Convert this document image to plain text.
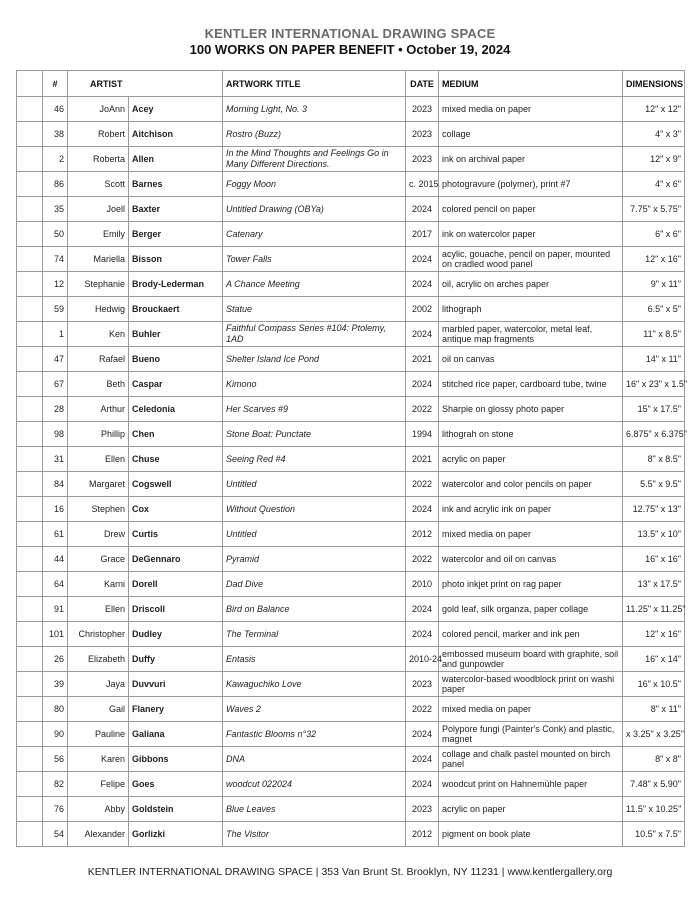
KENTLER INTERNATIONAL DRAWING SPACE
100 WORKS ON PAPER BENEFIT • October 19, 2024
	#	ARTIST		ARTWORK TITLE	DATE	MEDIUM	DIMENSIONS
	46	JoAnn	Acey	Morning Light, No. 3	2023	mixed media on paper	12" x 12"
	38	Robert	Aitchison	Rostro (Buzz)	2023	collage	4" x 3"
	2	Roberta	Allen	In the Mind Thoughts and Feelings Go in Many Different Directions.	2023	ink on archival paper	12" x 9"
	86	Scott	Barnes	Foggy Moon	c. 2015	photogravure (polymer), print #7	4" x 6"
	35	Joell	Baxter	Untitled Drawing (OBYa)	2024	colored pencil on paper	7.75" x 5.75"
	50	Emily	Berger	Catenary	2017	ink on watercolor paper	6" x 6"
	74	Mariella	Bisson	Tower Falls	2024	acylic, gouache, pencil on paper, mounted on cradled wood panel	12" x 16"
	12	Stephanie	Brody-Lederman	A Chance Meeting	2024	oil, acrylic on arches paper	9" x 11"
	59	Hedwig	Brouckaert	Statue	2002	lithograph	6.5" x 5"
	1	Ken	Buhler	Faithful Compass Series #104: Ptolemy, 1AD	2024	marbled paper, watercolor, metal leaf, antique map fragments	11" x 8.5"
	47	Rafael	Bueno	Shelter Island Ice Pond	2021	oil on canvas	14" x 11"
	67	Beth	Caspar	Kimono	2024	stitched rice paper, cardboard tube, twine	16" x 23" x 1.5"
	28	Arthur	Celedonia	Her Scarves #9	2022	Sharpie on glossy photo paper	15" x 17.5"
	98	Phillip	Chen	Stone Boat: Punctate	1994	lithograh on stone	6.875" x 6.375"
	31	Ellen	Chuse	Seeing Red #4	2021	acrylic on paper	8" x 8.5"
	84	Margaret	Cogswell	Untitled	2022	watercolor and color pencils on paper	5.5" x 9.5"
	16	Stephen	Cox	Without Question	2024	ink and acrylic ink on paper	12.75" x 13"
	61	Drew	Curtis	Untitled	2012	mixed media on paper	13.5" x 10"
	44	Grace	DeGennaro	Pyramid	2022	watercolor and oil on canvas	16" x 16"
	64	Karni	Dorell	Dad Dive	2010	photo inkjet print on rag paper	13" x 17.5"
	91	Ellen	Driscoll	Bird on Balance	2024	gold leaf, silk organza, paper collage	11.25" x 11.25"
	101	Christopher	Dudley	The Terminal	2024	colored pencil, marker and ink pen	12" x 16"
	26	Elizabeth	Duffy	Entasis	2010-24	embossed museum board with graphite, soil and gunpowder	16" x 14"
	39	Jaya	Duvvuri	Kawaguchiko Love	2023	watercolor-based woodblock print on washi paper	16" x 10.5"
	80	Gail	Flanery	Waves 2	2022	mixed media on paper	8" x 11"
	90	Pauline	Galiana	Fantastic Blooms n°32	2024	Polypore fungi (Painter's Conk) and plastic, magnet	x 3.25" x 3.25"
	56	Karen	Gibbons	DNA	2024	collage and chalk pastel mounted on birch panel	8" x 8"
	82	Felipe	Goes	woodcut 022024	2024	woodcut print on Hahnemühle paper	7.48" x 5.90"
	76	Abby	Goldstein	Blue Leaves	2023	acrylic on paper	11.5" x 10.25"
	54	Alexander	Gorlizki	The Visitor	2012	pigment on book plate	10.5" x 7.5"
KENTLER INTERNATIONAL DRAWING SPACE | 353 Van Brunt St. Brooklyn, NY 11231 | www.kentlergallery.org
